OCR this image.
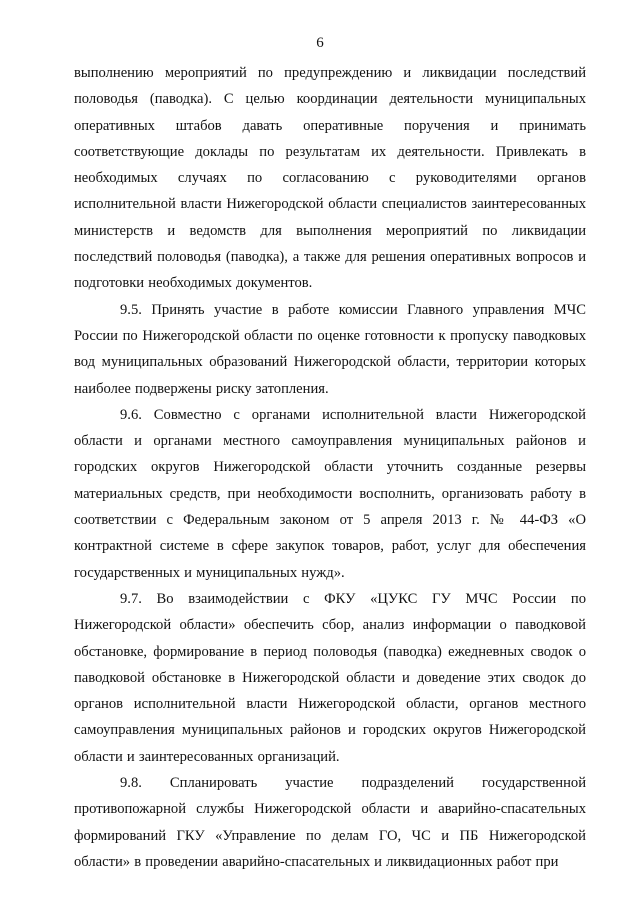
6

выполнению мероприятий по предупреждению и ликвидации последствий половодья (паводка). С целью координации деятельности муниципальных оперативных штабов давать оперативные поручения и принимать соответствующие доклады по результатам их деятельности. Привлекать в необходимых случаях по согласованию с руководителями органов исполнительной власти Нижегородской области специалистов заинтересованных министерств и ведомств для выполнения мероприятий по ликвидации последствий половодья (паводка), а также для решения оперативных вопросов и подготовки необходимых документов.

9.5. Принять участие в работе комиссии Главного управления МЧС России по Нижегородской области по оценке готовности к пропуску паводковых вод муниципальных образований Нижегородской области, территории которых наиболее подвержены риску затопления.

9.6. Совместно с органами исполнительной власти Нижегородской области и органами местного самоуправления муниципальных районов и городских округов Нижегородской области уточнить созданные резервы материальных средств, при необходимости восполнить, организовать работу в соответствии с Федеральным законом от 5 апреля 2013 г. № 44-ФЗ «О контрактной системе в сфере закупок товаров, работ, услуг для обеспечения государственных и муниципальных нужд».

9.7. Во взаимодействии с ФКУ «ЦУКС ГУ МЧС России по Нижегородской области» обеспечить сбор, анализ информации о паводковой обстановке, формирование в период половодья (паводка) ежедневных сводок о паводковой обстановке в Нижегородской области и доведение этих сводок до органов исполнительной власти Нижегородской области, органов местного самоуправления муниципальных районов и городских округов Нижегородской области и заинтересованных организаций.

9.8. Спланировать участие подразделений государственной противопожарной службы Нижегородской области и аварийно-спасательных формирований ГКУ «Управление по делам ГО, ЧС и ПБ Нижегородской области» в проведении аварийно-спасательных и ликвидационных работ при
